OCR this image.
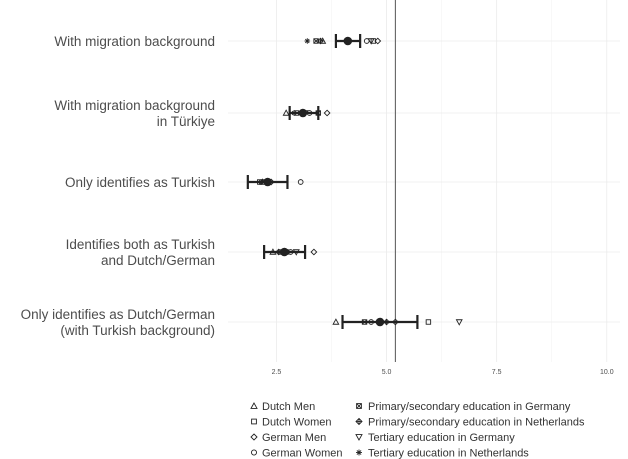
With migration background
With migration background
in Türkiye
Only identifies as Turkish
Identifies both as Turkish
and Dutch/German
Only identifies as Dutch/German
(with Turkish background)
2.5	5.0	7.5	10.0
Dutch Men
Dutch Women
German Men
German Women
Primary/secondary education in Germany
Primary/secondary education in Netherlands
Tertiary education in Germany
Tertiary education in Netherlands
